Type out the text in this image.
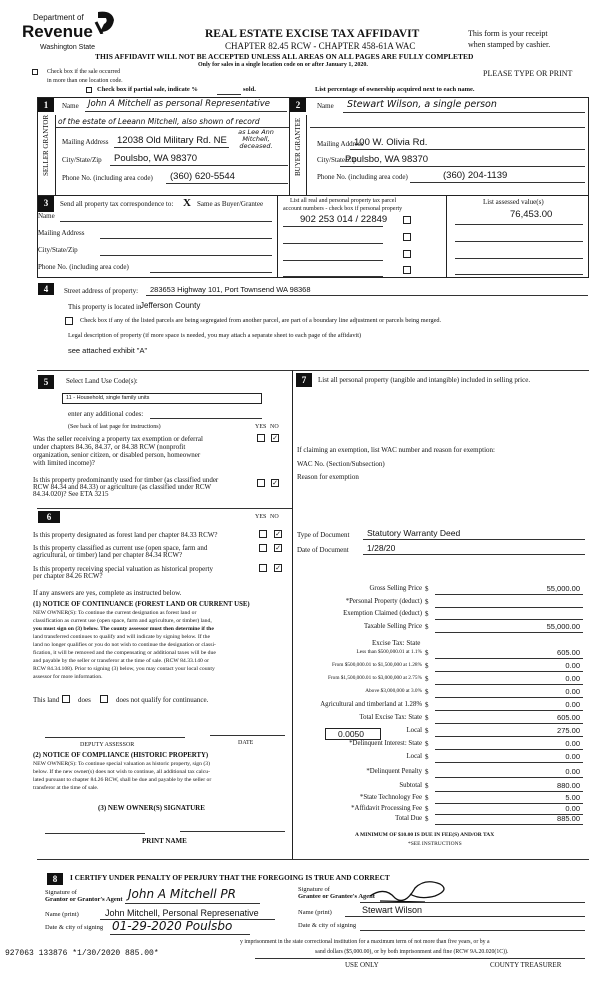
Department of
Revenue
Washington State
REAL ESTATE EXCISE TAX AFFIDAVIT
CHAPTER 82.45 RCW - CHAPTER 458-61A WAC
THIS AFFIDAVIT WILL NOT BE ACCEPTED UNLESS ALL AREAS ON ALL PAGES ARE FULLY COMPLETED
Only for sales in a single location code on or after January 1, 2020.
This form is your receipt
when stamped by cashier.
PLEASE TYPE OR PRINT
Check box if the sale occurred
in more than one location code.
Check box if partial sale, indicate %	sold.	List percentage of ownership acquired next to each name.
1
SELLER GRANTOR
Name John A Mitchell as personal Representative
of the estate of Leeann Mitchell, also shown of record
as Lee Ann Mitchell, deceased.
Mailing Address 12038 Old Military Rd. NE
City/State/Zip Poulsbo, WA 98370
Phone No. (including area code) (360) 620-5544
2
BUYER GRANTEE
Name Stewart Wilson, a single person
Mailing Address
100 W. Olivia Rd.
City/State/Zip
Poulsbo, WA 98370
Phone No. (including area code)	(360) 204-1139
3	Send all property tax correspondence to: X Same as Buyer/Grantee
Name
Mailing Address
City/State/Zip
Phone No. (including area code)
List all real and personal property tax parcel
account numbers - check box if personal property
List assessed value(s)
902 253 014 / 22849	76,453.00
4	Street address of property: 283653 Highway 101, Port Townsend WA 98368
This property is located in
Jefferson County
Check box if any of the listed parcels are being segregated from another parcel, are part of a boundary line adjustment or parcels being merged.
Legal description of property (if more space is needed, you may attach a separate sheet to each page of the affidavit)
see attached exhibit "A"
5	Select Land Use Code(s):
11 - Household, single family units
enter any additional codes:
(See back of last page for instructions)	YES NO
Was the seller receiving a property tax exemption or deferral
under chapters 84.36, 84.37, or 84.38 RCW (nonprofit
organization, senior citizen, or disabled person, homeowner
with limited income)?
✓
Is this property predominantly used for timber (as classified under
RCW 84.34 and 84.33) or agriculture (as classified under RCW
84.34.020)? See ETA 3215
✓
6	YES NO
Is this property designated as forest land per chapter 84.33 RCW?	✓
Is this property classified as current use (open space, farm and
agricultural, or timber) land per chapter 84.34 RCW?
✓
Is this property receiving special valuation as historical property
per chapter 84.26 RCW?
✓
If any answers are yes, complete as instructed below.
(1) NOTICE OF CONTINUANCE (FOREST LAND OR CURRENT USE)
NEW OWNER(S): To continue the current designation as forest land or
classification as current use (open space, farm and agriculture, or timber) land,
you must sign on (3) below. The county assessor must then determine if the
land transferred continues to qualify and will indicate by signing below. If the
land no longer qualifies or you do not wish to continue the designation or classi-
fication, it will be removed and the compensating or additional taxes will be due
and payable by the seller or transferor at the time of sale. (RCW 84.33.140 or
RCW 84.34.108). Prior to signing (3) below, you may contact your local county
assessor for more information.
This land	does	does not qualify for continuance.
DEPUTY ASSESSOR	DATE
(2) NOTICE OF COMPLIANCE (HISTORIC PROPERTY)
NEW OWNER(S): To continue special valuation as historic property, sign (3)
below. If the new owner(s) does not wish to continue, all additional tax calcu-
lated pursuant to chapter 84.26 RCW, shall be due and payable by the seller or
transferor at the time of sale.
(3) NEW OWNER(S) SIGNATURE
PRINT NAME
7	List all personal property (tangible and intangible) included in selling price.
If claiming an exemption, list WAC number and reason for exemption:
WAC No. (Section/Subsection)
Reason for exemption
Type of Document Statutory Warranty Deed
Date of Document 1/28/20
Excise Tax: State
0.0050
Gross Selling Price $	55,000.00
*Personal Property (deduct) $
Exemption Claimed (deduct) $
Taxable Selling Price $	55,000.00
Less than $500,000.01 at 1.1% $	605.00
From $500,000.01 to $1,500,000 at 1.28% $	0.00
From $1,500,000.01 to $3,000,000 at 2.75% $	0.00
Above $3,000,000 at 3.0% $	0.00
Agricultural and timberland at 1.28% $	0.00
Total Excise Tax: State $	605.00
Local $	275.00
*Delinquent Interest: State $	0.00
Local $	0.00
*Delinquent Penalty $	0.00
Subtotal $	880.00
*State Technology Fee $	5.00
*Affidavit Processing Fee $	0.00
Total Due $	885.00
A MINIMUM OF $10.00 IS DUE IN FEE(S) AND/OR TAX
*SEE INSTRUCTIONS
8	I CERTIFY UNDER PENALTY OF PERJURY THAT THE FOREGOING IS TRUE AND CORRECT
Signature of
Grantor or Grantor's Agent John A Mitchell PR
Name (print)	John Mitchell, Personal Represenative
Date & city of signing 01-29-2020 Poulsbo
Signature of
Grantee or Grantee's Agent
Name (print)	Stewart Wilson
Date & city of signing
927063 133876 *1/30/2020 885.00*
y imprisonment in the state correctional institution for a maximum term of not more than five years, or by a
sand dollars ($5,000.00), or by both imprisonment and fine (RCW 9A.20.020(1C)).
USE ONLY	COUNTY TREASURER
